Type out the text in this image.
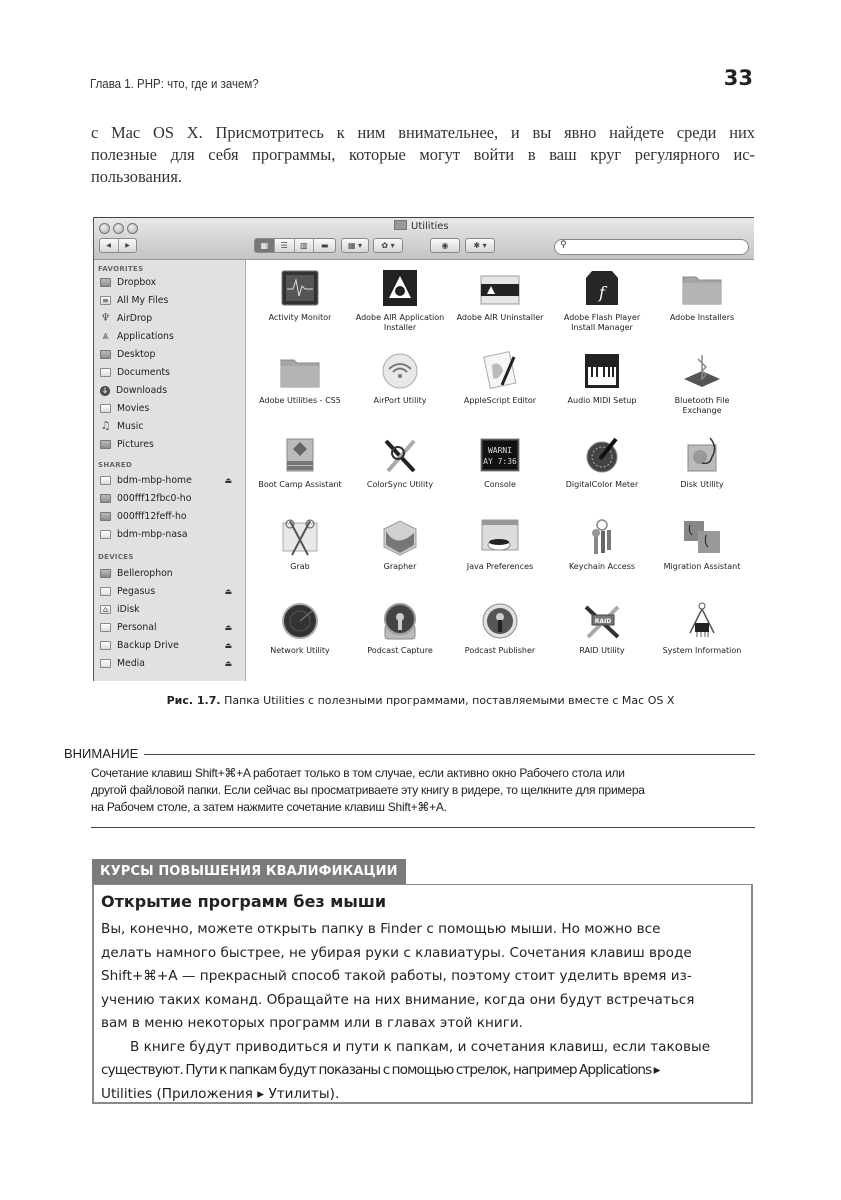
Глава 1. PHP: что, где и зачем?	33
с Mac OS X. Присмотритесь к ним внимательнее, и вы явно найдете среди них
полезные для себя программы, которые могут войти в ваш круг регулярного ис-
пользования.
Utilities
◀	▶	▦	☰	▥	▬	▦ ▾	✿ ▾	◉	✱ ▾	⚲
FAVORITES
Dropbox
≡ All My Files
♆ AirDrop
⩓ Applications
Desktop
Documents
↓ Downloads
Movies
♫ Music
Pictures
SHARED
bdm-mbp-home	⏏
000fff12fbc0-ho
000fff12feff-ho
bdm-mbp-nasa
DEVICES
Bellerophon
Pegasus	⏏
⌂ iDisk
Personal	⏏
Backup Drive	⏏
Media	⏏
Activity Monitor	Adobe AIR Application Installer
Adobe AIR Uninstaller
f
Adobe Flash Player Install Manager
Adobe Installers
Adobe Utilities - CS5	AirPort Utility	AppleScript Editor	Audio MIDI Setup	Bluetooth File Exchange
Boot Camp Assistant	ColorSync Utility
WARNI
AY 7:36
Console	DigitalColor Meter	Disk Utility
Grab	Grapher	Java Preferences	Keychain Access	Migration Assistant
Network Utility	Podcast Capture	Podcast Publisher
RAID
RAID Utility	System Information
Рис. 1.7. Папка Utilities с полезными программами, поставляемыми вместе с Mac OS X
ВНИМАНИЕ
Сочетание клавиш Shift+⌘+A работает только в том случае, если активно окно Рабочего стола или
другой файловой папки. Если сейчас вы просматриваете эту книгу в ридере, то щелкните для примера
на Рабочем столе, а затем нажмите сочетание клавиш Shift+⌘+A.
КУРСЫ ПОВЫШЕНИЯ КВАЛИФИКАЦИИ
Открытие программ без мыши
Вы, конечно, можете открыть папку в Finder с помощью мыши. Но можно все
делать намного быстрее, не убирая руки с клавиатуры. Сочетания клавиш вроде
Shift+⌘+A — прекрасный способ такой работы, поэтому стоит уделить время из-
учению таких команд. Обращайте на них внимание, когда они будут встречаться
вам в меню некоторых программ или в главах этой книги.
В книге будут приводиться и пути к папкам, и сочетания клавиш, если таковые
существуют. Пути к папкам будут показаны с помощью стрелок, например Applications ▸
Utilities (Приложения ▸ Утилиты).
